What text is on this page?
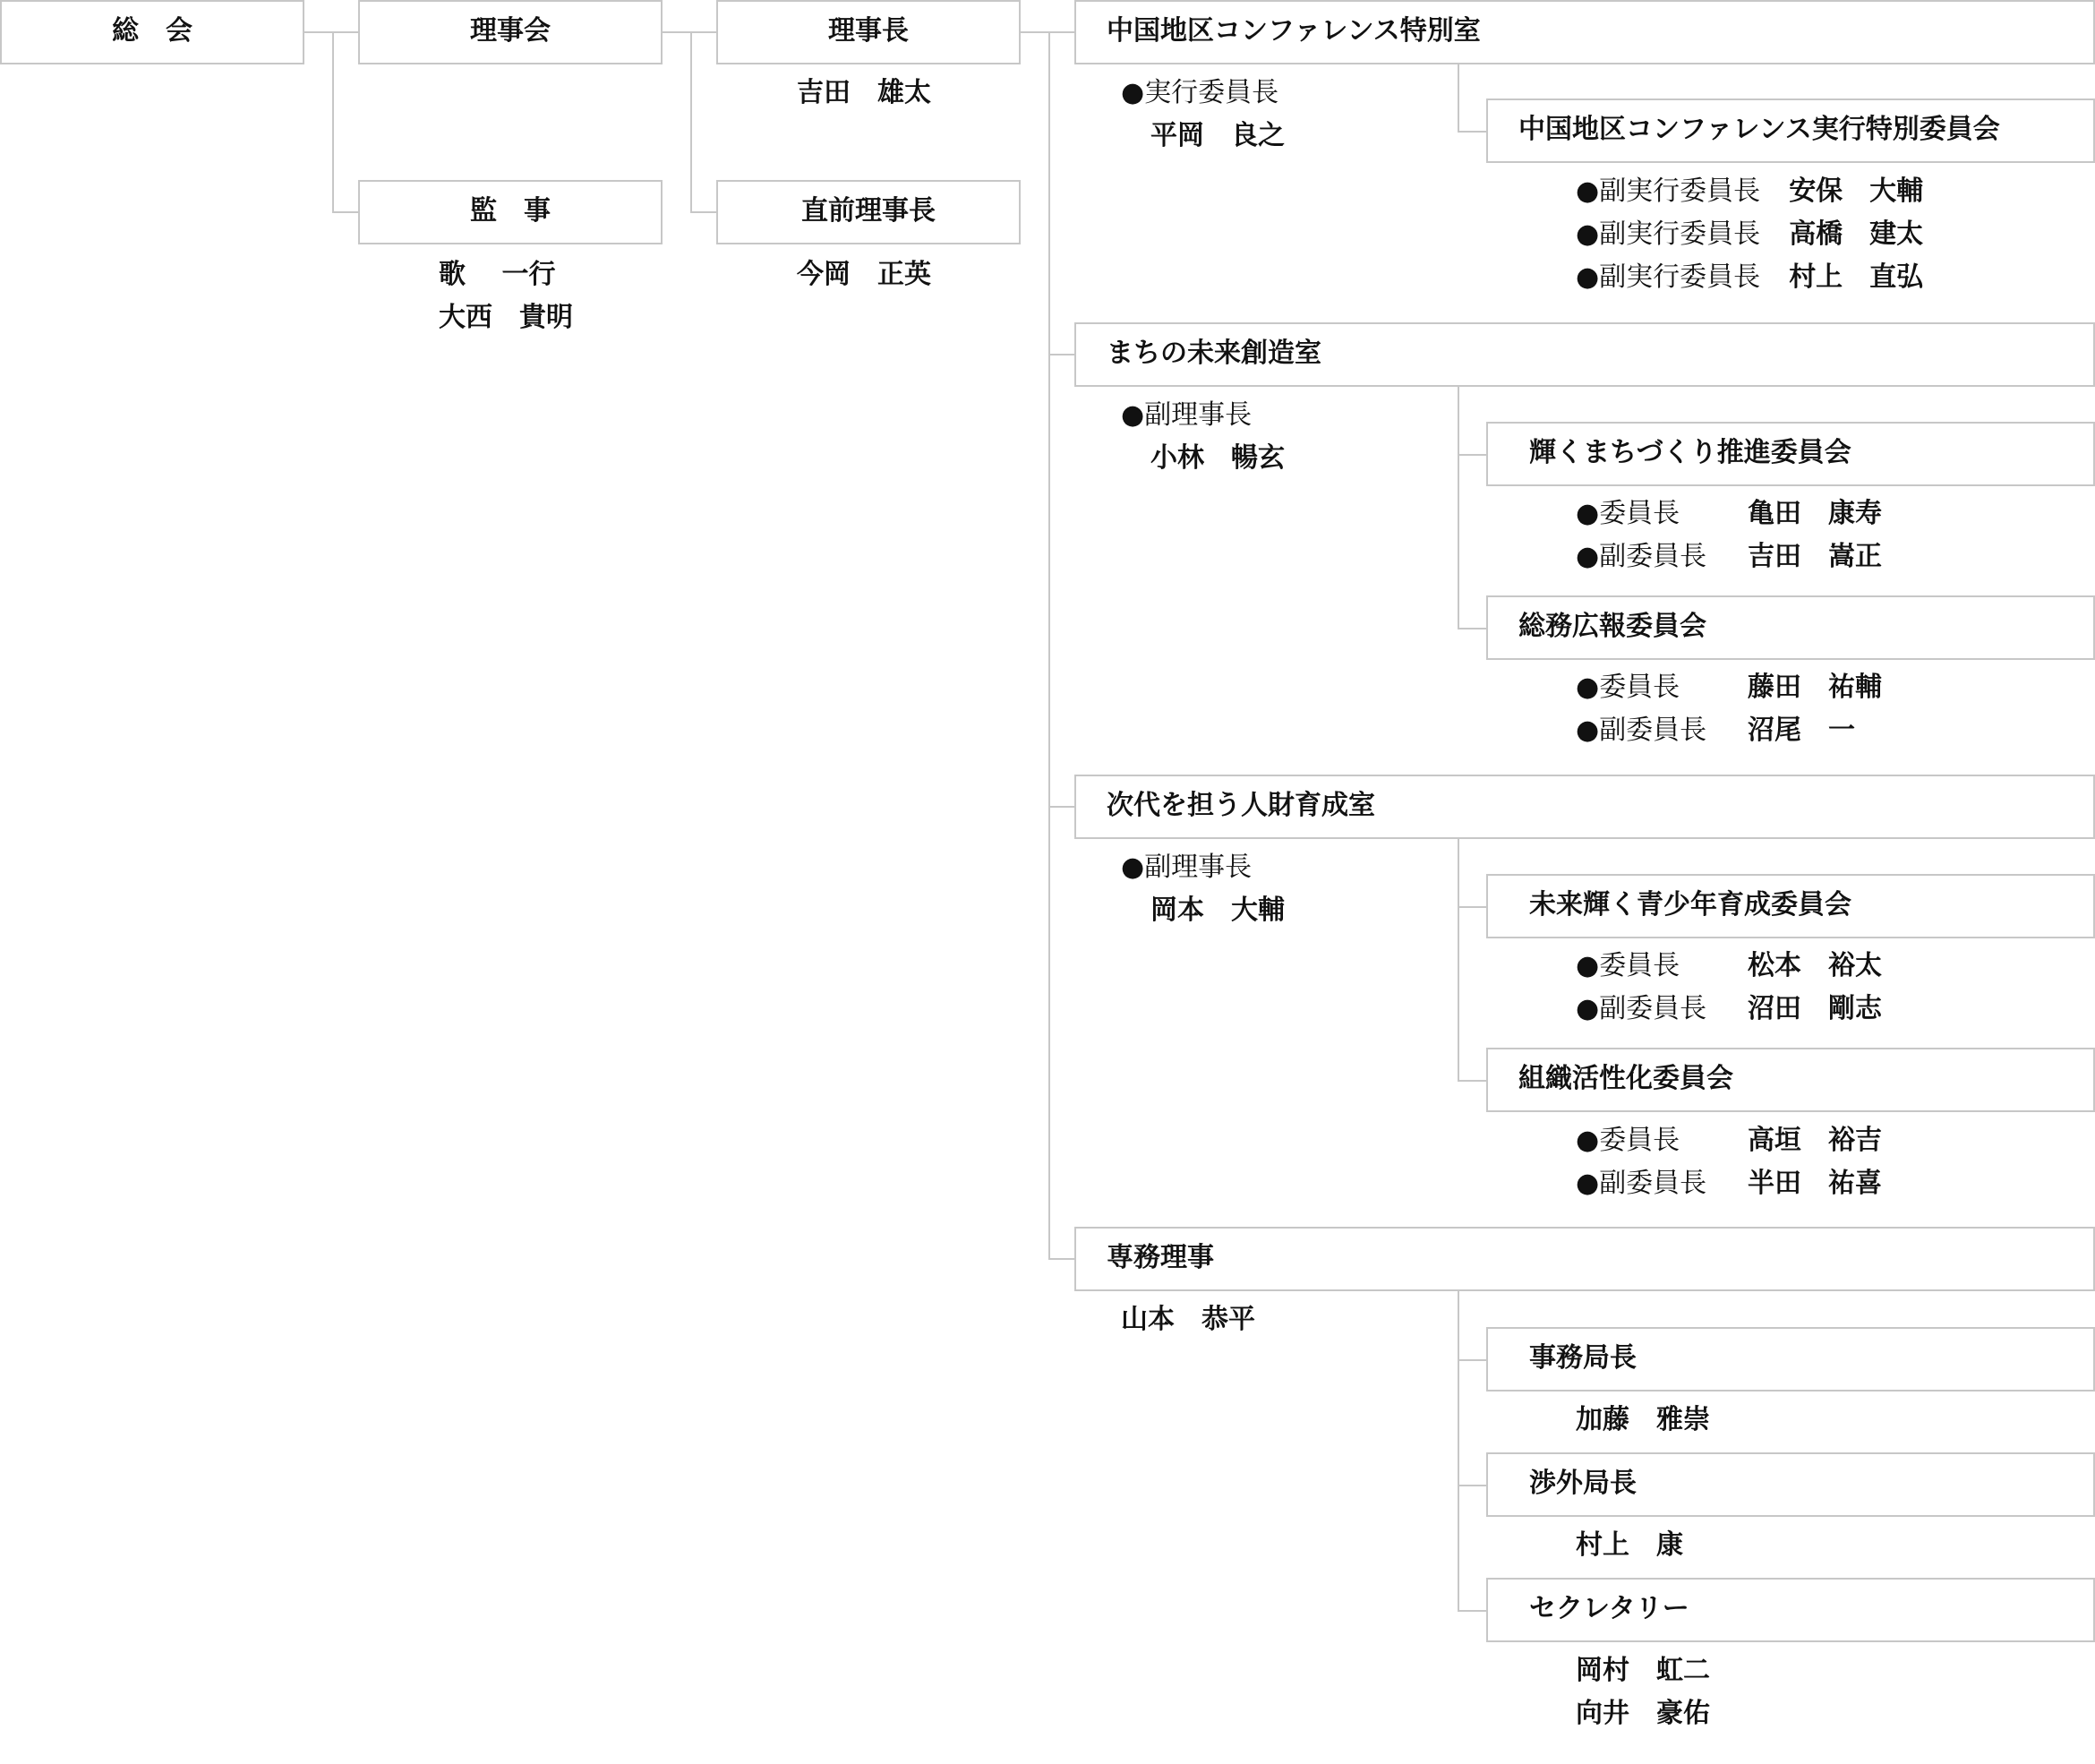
総　会	理事会
監　事
歌　 一行
大西　貴明
理事長
吉田　雄太
直前理事長
今岡　正英
中国地区コンファレンス特別室
● 実行委員長
平岡　良之	中国地区コンファレンス実行特別委員会
● 副実行委員長 安保　大輔
● 副実行委員長 高橋　建太
● 副実行委員長 村上　直弘
まちの未来創造室
● 副理事長
小林　暢玄	輝くまちづくり推進委員会
● 委員長	亀田　康寿
● 副委員長 吉田　嵩正
総務広報委員会
● 委員長	藤田　祐輔
● 副委員長 沼尾　一
次代を担う人財育成室
● 副理事長
岡本　大輔	未来輝く青少年育成委員会
● 委員長	松本　裕太
● 副委員長 沼田　剛志
組織活性化委員会
● 委員長	高垣　裕吉
● 副委員長 半田　祐喜
専務理事
山本　恭平
事務局長
加藤　雅崇
渉外局長
村上　康
セクレタリー
岡村　虹二
向井　豪佑
